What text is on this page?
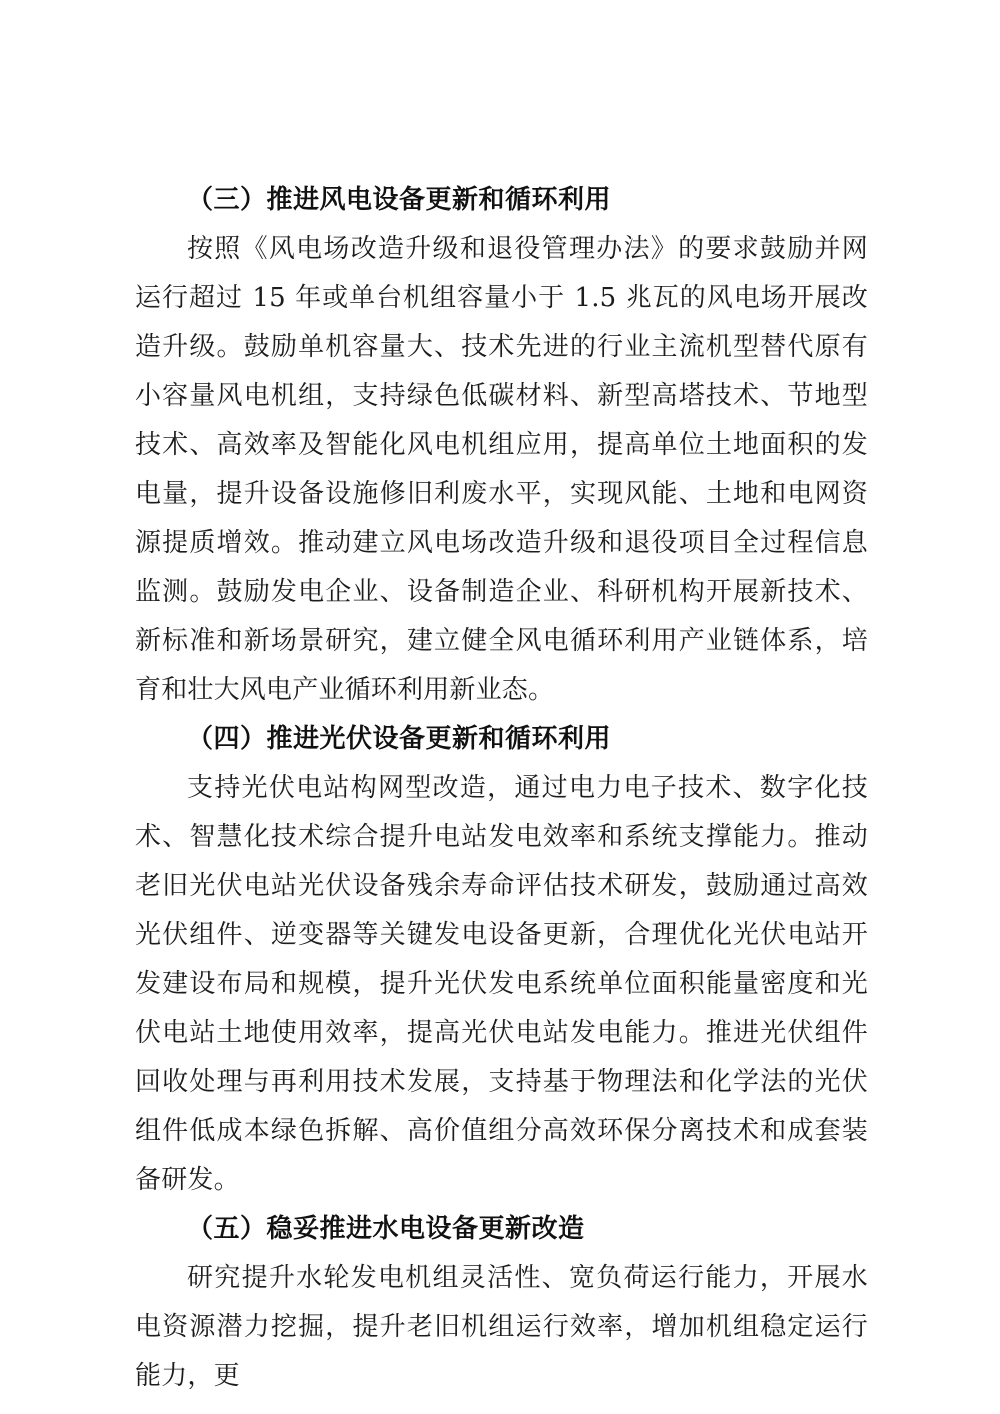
（三）推进风电设备更新和循环利用

按照《风电场改造升级和退役管理办法》的要求鼓励并网运行超过 15 年或单台机组容量小于 1.5 兆瓦的风电场开展改造升级。鼓励单机容量大、技术先进的行业主流机型替代原有小容量风电机组，支持绿色低碳材料、新型高塔技术、节地型技术、高效率及智能化风电机组应用，提高单位土地面积的发电量，提升设备设施修旧利废水平，实现风能、土地和电网资源提质增效。推动建立风电场改造升级和退役项目全过程信息监测。鼓励发电企业、设备制造企业、科研机构开展新技术、新标准和新场景研究，建立健全风电循环利用产业链体系，培育和壮大风电产业循环利用新业态。

（四）推进光伏设备更新和循环利用

支持光伏电站构网型改造，通过电力电子技术、数字化技术、智慧化技术综合提升电站发电效率和系统支撑能力。推动老旧光伏电站光伏设备残余寿命评估技术研发，鼓励通过高效光伏组件、逆变器等关键发电设备更新，合理优化光伏电站开发建设布局和规模，提升光伏发电系统单位面积能量密度和光伏电站土地使用效率，提高光伏电站发电能力。推进光伏组件回收处理与再利用技术发展，支持基于物理法和化学法的光伏组件低成本绿色拆解、高价值组分高效环保分离技术和成套装备研发。

（五）稳妥推进水电设备更新改造

研究提升水轮发电机组灵活性、宽负荷运行能力，开展水电资源潜力挖掘，提升老旧机组运行效率，增加机组稳定运行能力，更
